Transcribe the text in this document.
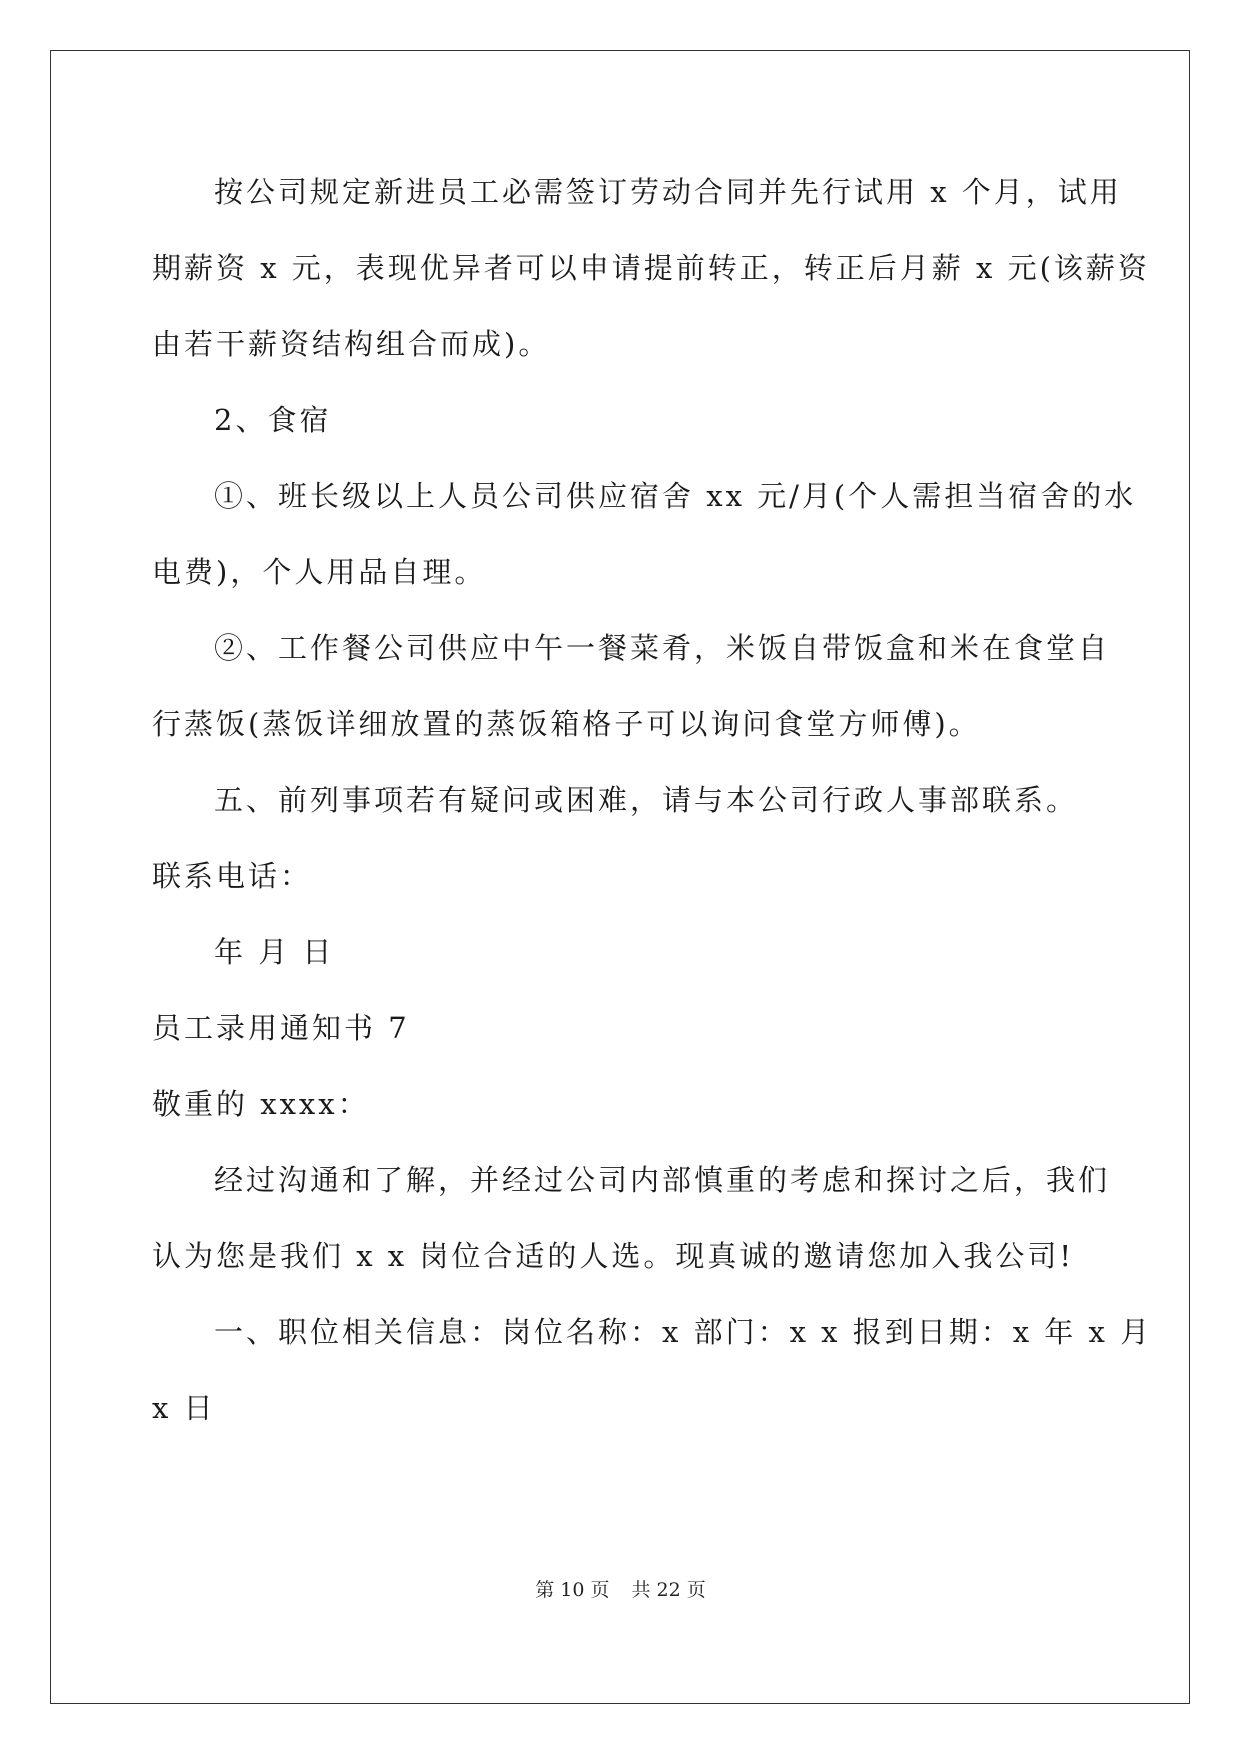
按公司规定新进员工必需签订劳动合同并先行试用 x 个月，试用
期薪资 x 元，表现优异者可以申请提前转正，转正后月薪 x 元(该薪资
由若干薪资结构组合而成)。
2、食宿
①、班长级以上人员公司供应宿舍 xx 元/月(个人需担当宿舍的水
电费)，个人用品自理。
②、工作餐公司供应中午一餐菜肴，米饭自带饭盒和米在食堂自
行蒸饭(蒸饭详细放置的蒸饭箱格子可以询问食堂方师傅)。
五、前列事项若有疑问或困难，请与本公司行政人事部联系。
联系电话：
年 月 日
员工录用通知书 7
敬重的 xxxx：
经过沟通和了解，并经过公司内部慎重的考虑和探讨之后，我们
认为您是我们 x x 岗位合适的人选。现真诚的邀请您加入我公司!
一、职位相关信息：岗位名称：x 部门：x x 报到日期：x 年 x 月
x 日
第 10 页 共 22 页
